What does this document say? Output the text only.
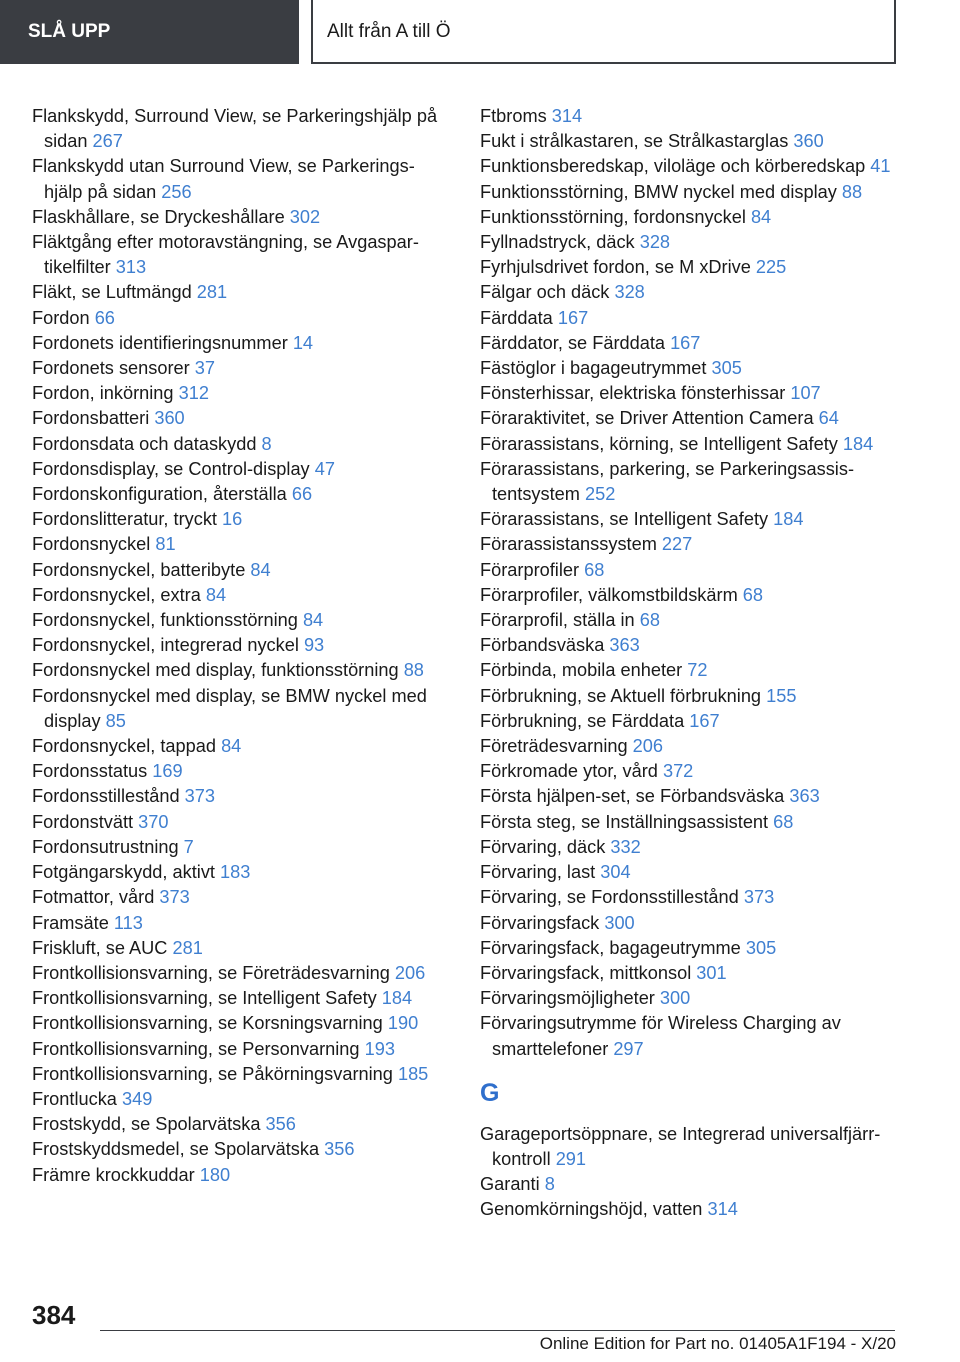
SLÅ UPP	Allt från A till Ö
Flankskydd, Surround View, se Parkeringshjälp på sidan 267
Flankskydd utan Surround View, se Parkeringshjälp på sidan 256
Flaskhållare, se Dryckeshållare 302
Fläktgång efter motoravstängning, se Avgaspartikelfilter 313
Fläkt, se Luftmängd 281
Fordon 66
Fordonets identifieringsnummer 14
Fordonets sensorer 37
Fordon, inkörning 312
Fordonsbatteri 360
Fordonsdata och dataskydd 8
Fordonsdisplay, se Control-display 47
Fordonskonfiguration, återställa 66
Fordonslitteratur, tryckt 16
Fordonsnyckel 81
Fordonsnyckel, batteribyte 84
Fordonsnyckel, extra 84
Fordonsnyckel, funktionsstörning 84
Fordonsnyckel, integrerad nyckel 93
Fordonsnyckel med display, funktionsstörning 88
Fordonsnyckel med display, se BMW nyckel med display 85
Fordonsnyckel, tappad 84
Fordonsstatus 169
Fordonsstillestånd 373
Fordonstvätt 370
Fordonsutrustning 7
Fotgängarskydd, aktivt 183
Fotmattor, vård 373
Framsäte 113
Friskluft, se AUC 281
Frontkollisionsvarning, se Företrädesvarning 206
Frontkollisionsvarning, se Intelligent Safety 184
Frontkollisionsvarning, se Korsningsvarning 190
Frontkollisionsvarning, se Personvarning 193
Frontkollisionsvarning, se Påkörningsvarning 185
Frontlucka 349
Frostskydd, se Spolarvätska 356
Frostskyddsmedel, se Spolarvätska 356
Främre krockkuddar 180
Ftbroms 314
Fukt i strålkastaren, se Strålkastarglas 360
Funktionsberedskap, viloläge och körberedskap 41
Funktionsstörning, BMW nyckel med display 88
Funktionsstörning, fordonsnyckel 84
Fyllnadstryck, däck 328
Fyrhjulsdrivet fordon, se M xDrive 225
Fälgar och däck 328
Färddata 167
Färddator, se Färddata 167
Fästöglor i bagageutrymmet 305
Fönsterhissar, elektriska fönsterhissar 107
Föraraktivitet, se Driver Attention Camera 64
Förarassistans, körning, se Intelligent Safety 184
Förarassistans, parkering, se Parkeringsassistentsystem 252
Förarassistans, se Intelligent Safety 184
Förarassistanssystem 227
Förarprofiler 68
Förarprofiler, välkomstbildskärm 68
Förarprofil, ställa in 68
Förbandsväska 363
Förbinda, mobila enheter 72
Förbrukning, se Aktuell förbrukning 155
Förbrukning, se Färddata 167
Företrädesvarning 206
Förkromade ytor, vård 372
Första hjälpen-set, se Förbandsväska 363
Första steg, se Inställningsassistent 68
Förvaring, däck 332
Förvaring, last 304
Förvaring, se Fordonsstillestånd 373
Förvaringsfack 300
Förvaringsfack, bagageutrymme 305
Förvaringsfack, mittkonsol 301
Förvaringsmöjligheter 300
Förvaringsutrymme för Wireless Charging av smarttelefoner 297
G
Garageportsöppnare, se Integrerad universalfjärrkontroll 291
Garanti 8
Genomkörningshöjd, vatten 314
384
Online Edition for Part no. 01405A1F194 - X/20
